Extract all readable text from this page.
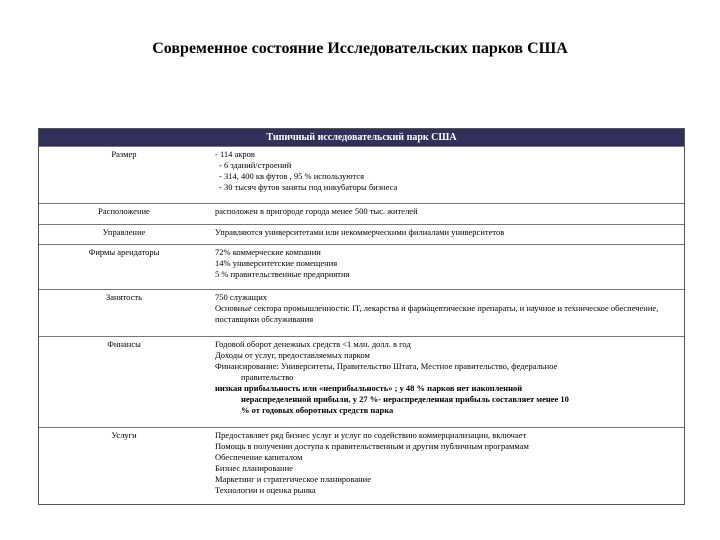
Современное состояние Исследовательских парков США
Типичный исследовательский парк США
Размер	- 114 акров
- 6 зданий/строений
- 314, 400 кв футов , 95 % используются
- 30 тысяч футов заняты под инкубаторы бизнеса
Расположение	расположен в пригороде города менее 500 тыс. жителей
Управление	Управляются университетами или некоммерческими филиалами университетов
Фирмы арендаторы	72% коммерческие компании
14% университетские помещения
5 % правительственные предприятия
Занятость	750 служащих
Основные сектора промышленности: IT, лекарства и фармацевтические препараты, и научное и техническое обеспечение, поставщики обслуживания
Финансы	Годовой оборот денежных средств <1 млн. долл. в год
Доходы от услуг, предоставляемых парком
Финансирование: Университеты, Правительство Штата, Местное правительство, федеральное
правительство
низкая прибыльность или «неприбыльность» ; у 48 % парков нет накопленной
нераспределенной прибыли, у 27 %- нераспределенная прибыль составляет менее 10
% от годовых оборотных средств парка
Услуги	Предоставляет ряд бизнес услуг и услуг по содействию коммерциализации, включает
Помощь в получении доступа к правительственным и другим публичным программам
Обеспечение капиталом
Бизнес планирование
Маркетинг и стратегическое планирование
Технологии и оценка рынка
